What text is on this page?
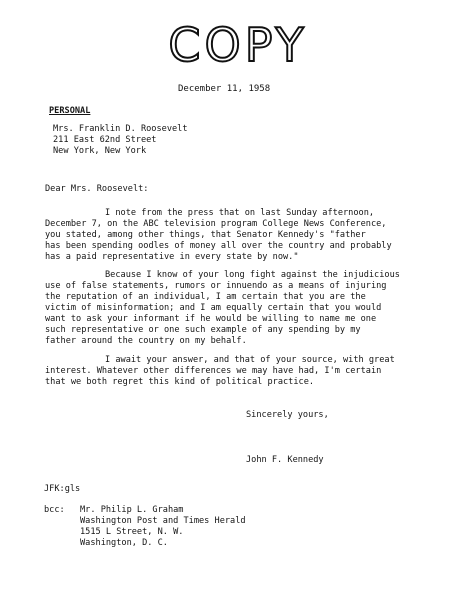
COPY
December 11, 1958
PERSONAL
Mrs. Franklin D. Roosevelt
211 East 62nd Street
New York, New York
Dear Mrs. Roosevelt:
I note from the press that on last Sunday afternoon,
December 7, on the ABC television program College News Conference,
you stated, among other things, that Senator Kennedy's "father
has been spending oodles of money all over the country and probably
has a paid representative in every state by now."
Because I know of your long fight against the injudicious
use of false statements, rumors or innuendo as a means of injuring
the reputation of an individual, I am certain that you are the
victim of misinformation; and I am equally certain that you would
want to ask your informant if he would be willing to name me one
such representative or one such example of any spending by my
father around the country on my behalf.
I await your answer, and that of your source, with great
interest. Whatever other differences we may have had, I'm certain
that we both regret this kind of political practice.
Sincerely yours,
John F. Kennedy
JFK:gls
bcc: Mr. Philip L. Graham
Washington Post and Times Herald
1515 L Street, N. W.
Washington, D. C.
